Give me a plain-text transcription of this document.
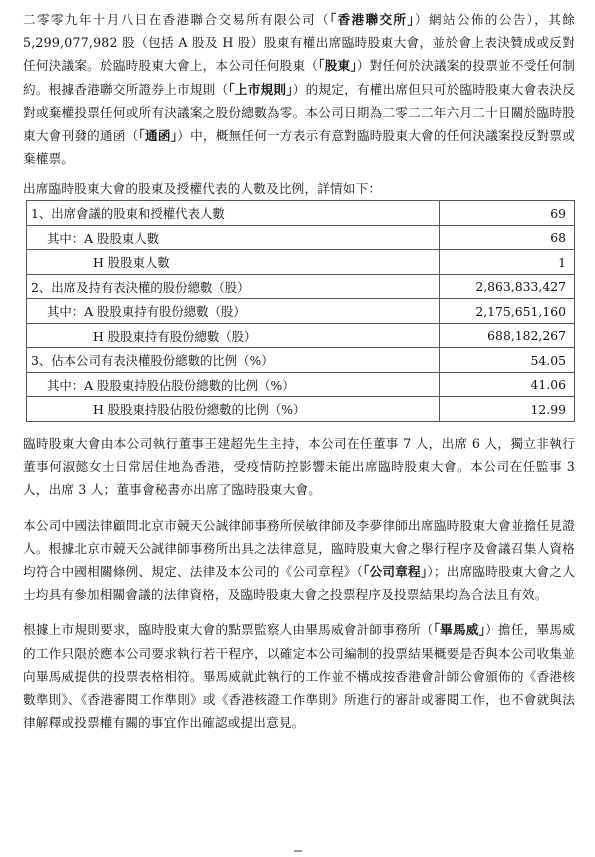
二零零九年十月八日在香港聯合交易所有限公司（「香港聯交所」）網站公佈的公告），其餘 5,299,077,982 股（包括 A 股及 H 股）股東有權出席臨時股東大會，並於會上表決贊成或反對任何決議案。於臨時股東大會上，本公司任何股東（「股東」）對任何於決議案的投票並不受任何制約。根據香港聯交所證券上市規則（「上市規則」）的規定，有權出席但只可於臨時股東大會表決反對或棄權投票任何或所有決議案之股份總數為零。本公司日期為二零二二年六月二十日關於臨時股東大會刊發的通函（「通函」）中，概無任何一方表示有意對臨時股東大會的任何決議案投反對票或棄權票。

出席臨時股東大會的股東及授權代表的人數及比例，詳情如下：

1、出席會議的股東和授權代表人數	69
其中：A 股股東人數	68
H 股股東人數	1
2、出席及持有表決權的股份總數（股）	2,863,833,427
其中：A 股股東持有股份總數（股）	2,175,651,160
H 股股東持有股份總數（股）	688,182,267
3、佔本公司有表決權股份總數的比例（%）	54.05
其中：A 股股東持股佔股份總數的比例（%）	41.06
H 股股東持股佔股份總數的比例（%）	12.99

臨時股東大會由本公司執行董事王建超先生主持，本公司在任董事 7 人，出席 6 人，獨立非執行董事何淑懿女士日常居住地為香港，受疫情防控影響未能出席臨時股東大會。本公司在任監事 3 人，出席 3 人；董事會秘書亦出席了臨時股東大會。

本公司中國法律顧問北京市競天公誠律師事務所侯敏律師及李夢律師出席臨時股東大會並擔任見證人。根據北京市競天公誠律師事務所出具之法律意見，臨時股東大會之舉行程序及會議召集人資格均符合中國相關條例、規定、法律及本公司的《公司章程》（「公司章程」）；出席臨時股東大會之人士均具有參加相關會議的法律資格，及臨時股東大會之投票程序及投票結果均為合法且有效。

根據上市規則要求，臨時股東大會的點票監察人由畢馬威會計師事務所（「畢馬威」）擔任，畢馬威的工作只限於應本公司要求執行若干程序，以確定本公司編制的投票結果概要是否與本公司收集並向畢馬威提供的投票表格相符。畢馬威就此執行的工作並不構成按香港會計師公會頒佈的《香港核數準則》、《香港審閱工作準則》或《香港核證工作準則》所進行的審計或審閱工作，也不會就與法律解釋或投票權有關的事宜作出確認或提出意見。
